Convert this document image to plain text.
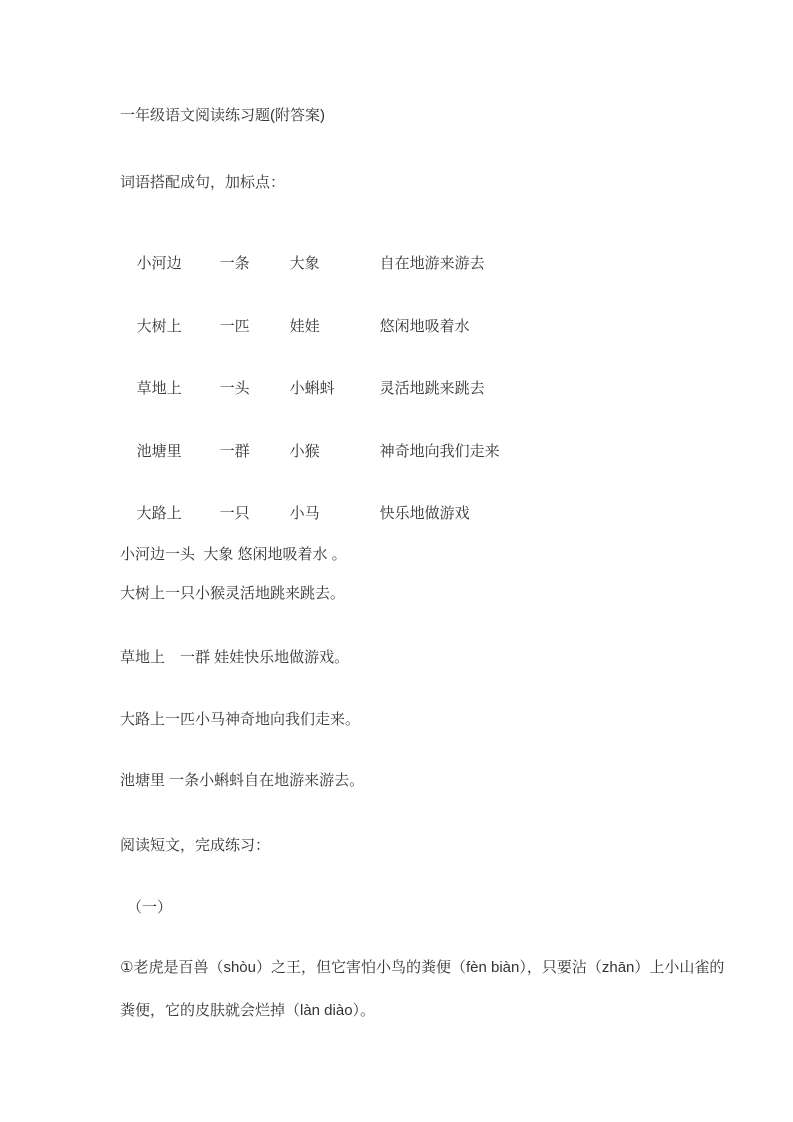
一年级语文阅读练习题(附答案)
词语搭配成句，加标点：

小河边	一条	大象	自在地游来游去

大树上	一匹	娃娃	悠闲地吸着水

草地上	一头	小蝌蚪	灵活地跳来跳去

池塘里	一群	小猴	神奇地向我们走来

大路上	一只	小马	快乐地做游戏

小河边一头  大象 悠闲地吸着水 。
大树上一只小猴灵活地跳来跳去。
草地上　一群 娃娃快乐地做游戏。
大路上一匹小马神奇地向我们走来。
池塘里 一条小蝌蚪自在地游来游去。
阅读短文，完成练习：
（一）
①老虎是百兽（shòu）之王，但它害怕小鸟的粪便（fèn biàn），只要沾（zhān）上小山雀的
粪便，它的皮肤就会烂掉（làn diào）。
